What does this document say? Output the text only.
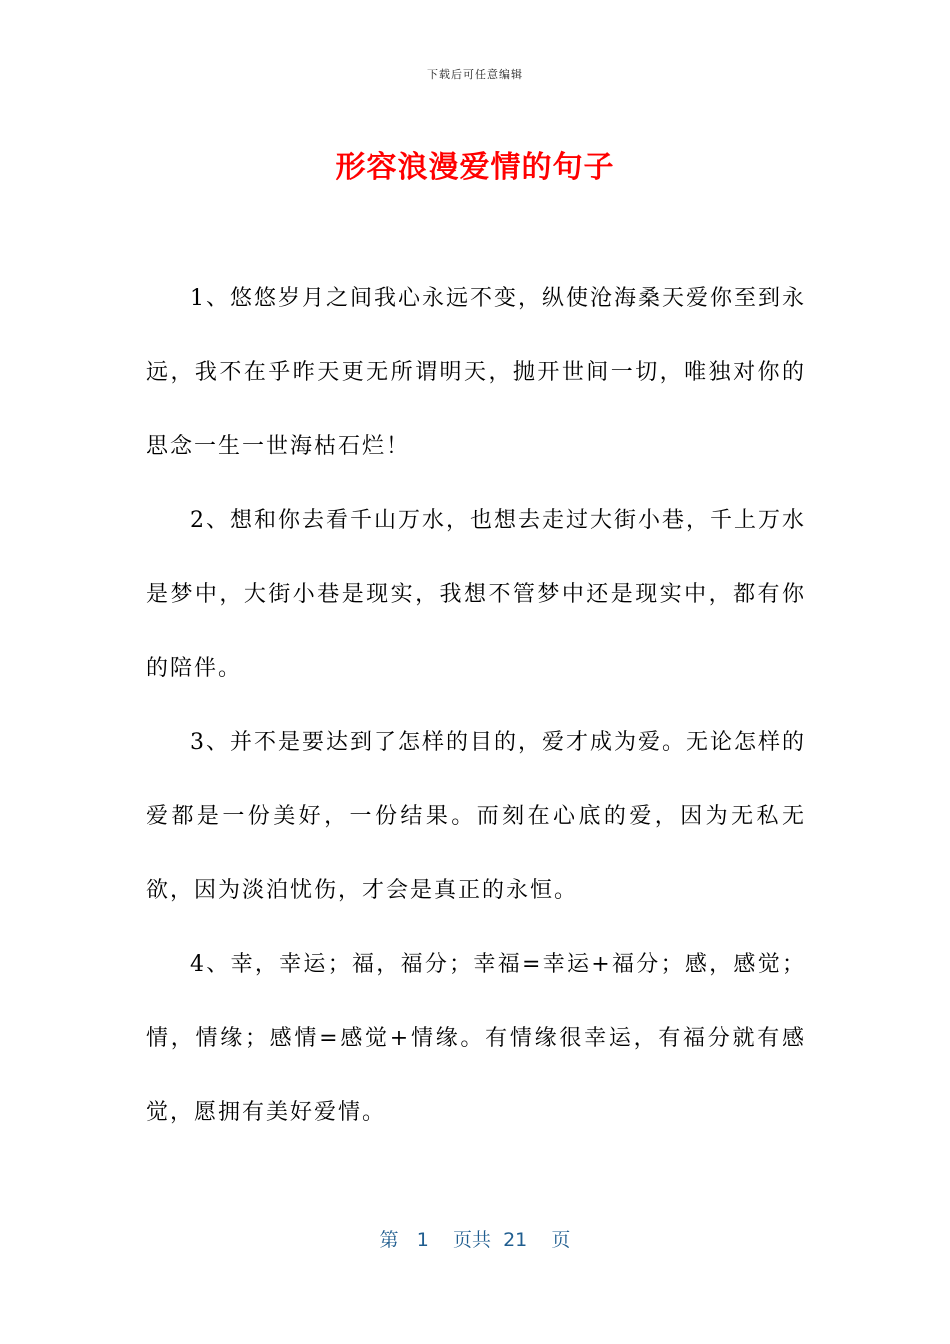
下载后可任意编辑
形容浪漫爱情的句子

1、悠悠岁月之间我心永远不变，纵使沧海桑天爱你至到永远，我不在乎昨天更无所谓明天，抛开世间一切，唯独对你的思念一生一世海枯石烂！

2、想和你去看千山万水，也想去走过大街小巷，千上万水是梦中，大街小巷是现实，我想不管梦中还是现实中，都有你的陪伴。

3、并不是要达到了怎样的目的，爱才成为爱。无论怎样的爱都是一份美好，一份结果。而刻在心底的爱，因为无私无欲，因为淡泊忧伤，才会是真正的永恒。

4、幸，幸运；福，福分；幸福=幸运+福分；感，感觉；情，情缘；感情=感觉+情缘。有情缘很幸运，有福分就有感觉，愿拥有美好爱情。

第 1 页共 21 页
